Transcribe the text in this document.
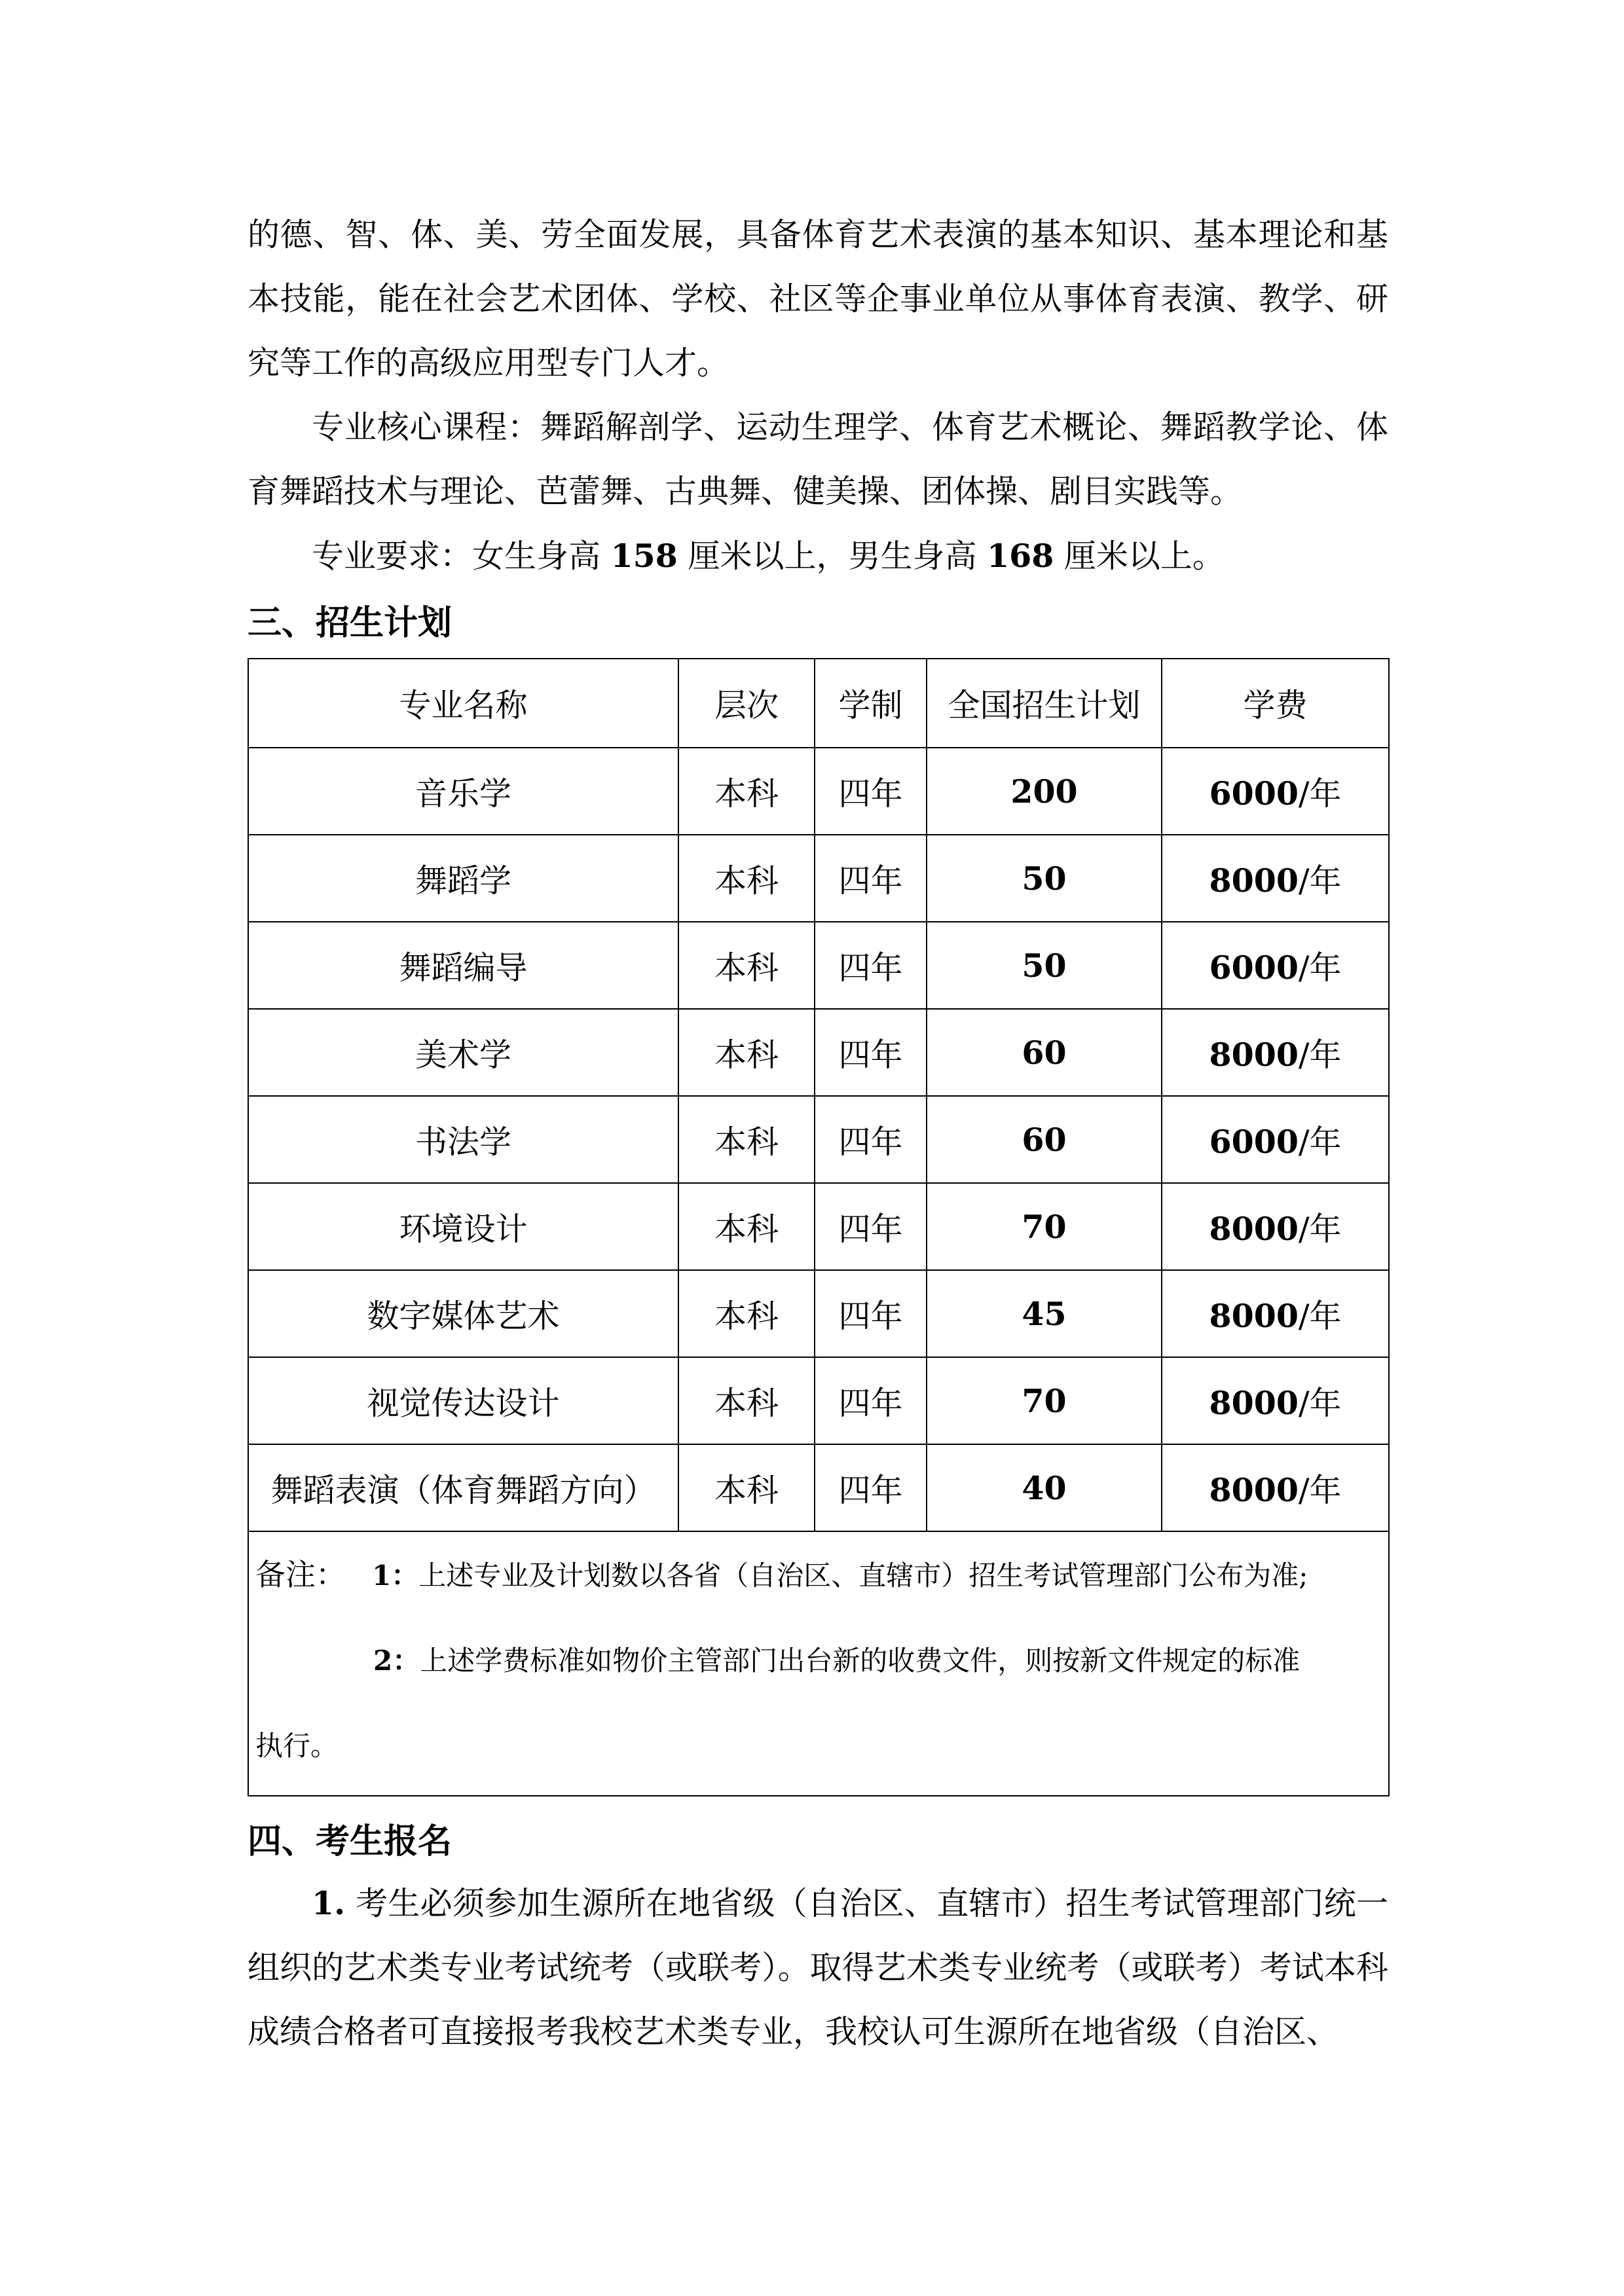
的德、智、体、美、劳全面发展，具备体育艺术表演的基本知识、基本理论和基本技能，能在社会艺术团体、学校、社区等企事业单位从事体育表演、教学、研究等工作的高级应用型专门人才。

专业核心课程：舞蹈解剖学、运动生理学、体育艺术概论、舞蹈教学论、体育舞蹈技术与理论、芭蕾舞、古典舞、健美操、团体操、剧目实践等。

专业要求：女生身高 158 厘米以上，男生身高 168 厘米以上。

三、招生计划
专业名称	层次	学制	全国招生计划	学费
音乐学	本科	四年	200	6000/年
舞蹈学	本科	四年	50	8000/年
舞蹈编导	本科	四年	50	6000/年
美术学	本科	四年	60	8000/年
书法学	本科	四年	60	6000/年
环境设计	本科	四年	70	8000/年
数字媒体艺术	本科	四年	45	8000/年
视觉传达设计	本科	四年	70	8000/年
舞蹈表演（体育舞蹈方向）	本科	四年	40	8000/年

备注： 1：上述专业及计划数以各省（自治区、直辖市）招生考试管理部门公布为准;

2：上述学费标准如物价主管部门出台新的收费文件，则按新文件规定的标准

执行。				

四、考生报名

1. 考生必须参加生源所在地省级（自治区、直辖市）招生考试管理部门统一组织的艺术类专业考试统考（或联考）。取得艺术类专业统考（或联考）考试本科成绩合格者可直接报考我校艺术类专业，我校认可生源所在地省级（自治区、
